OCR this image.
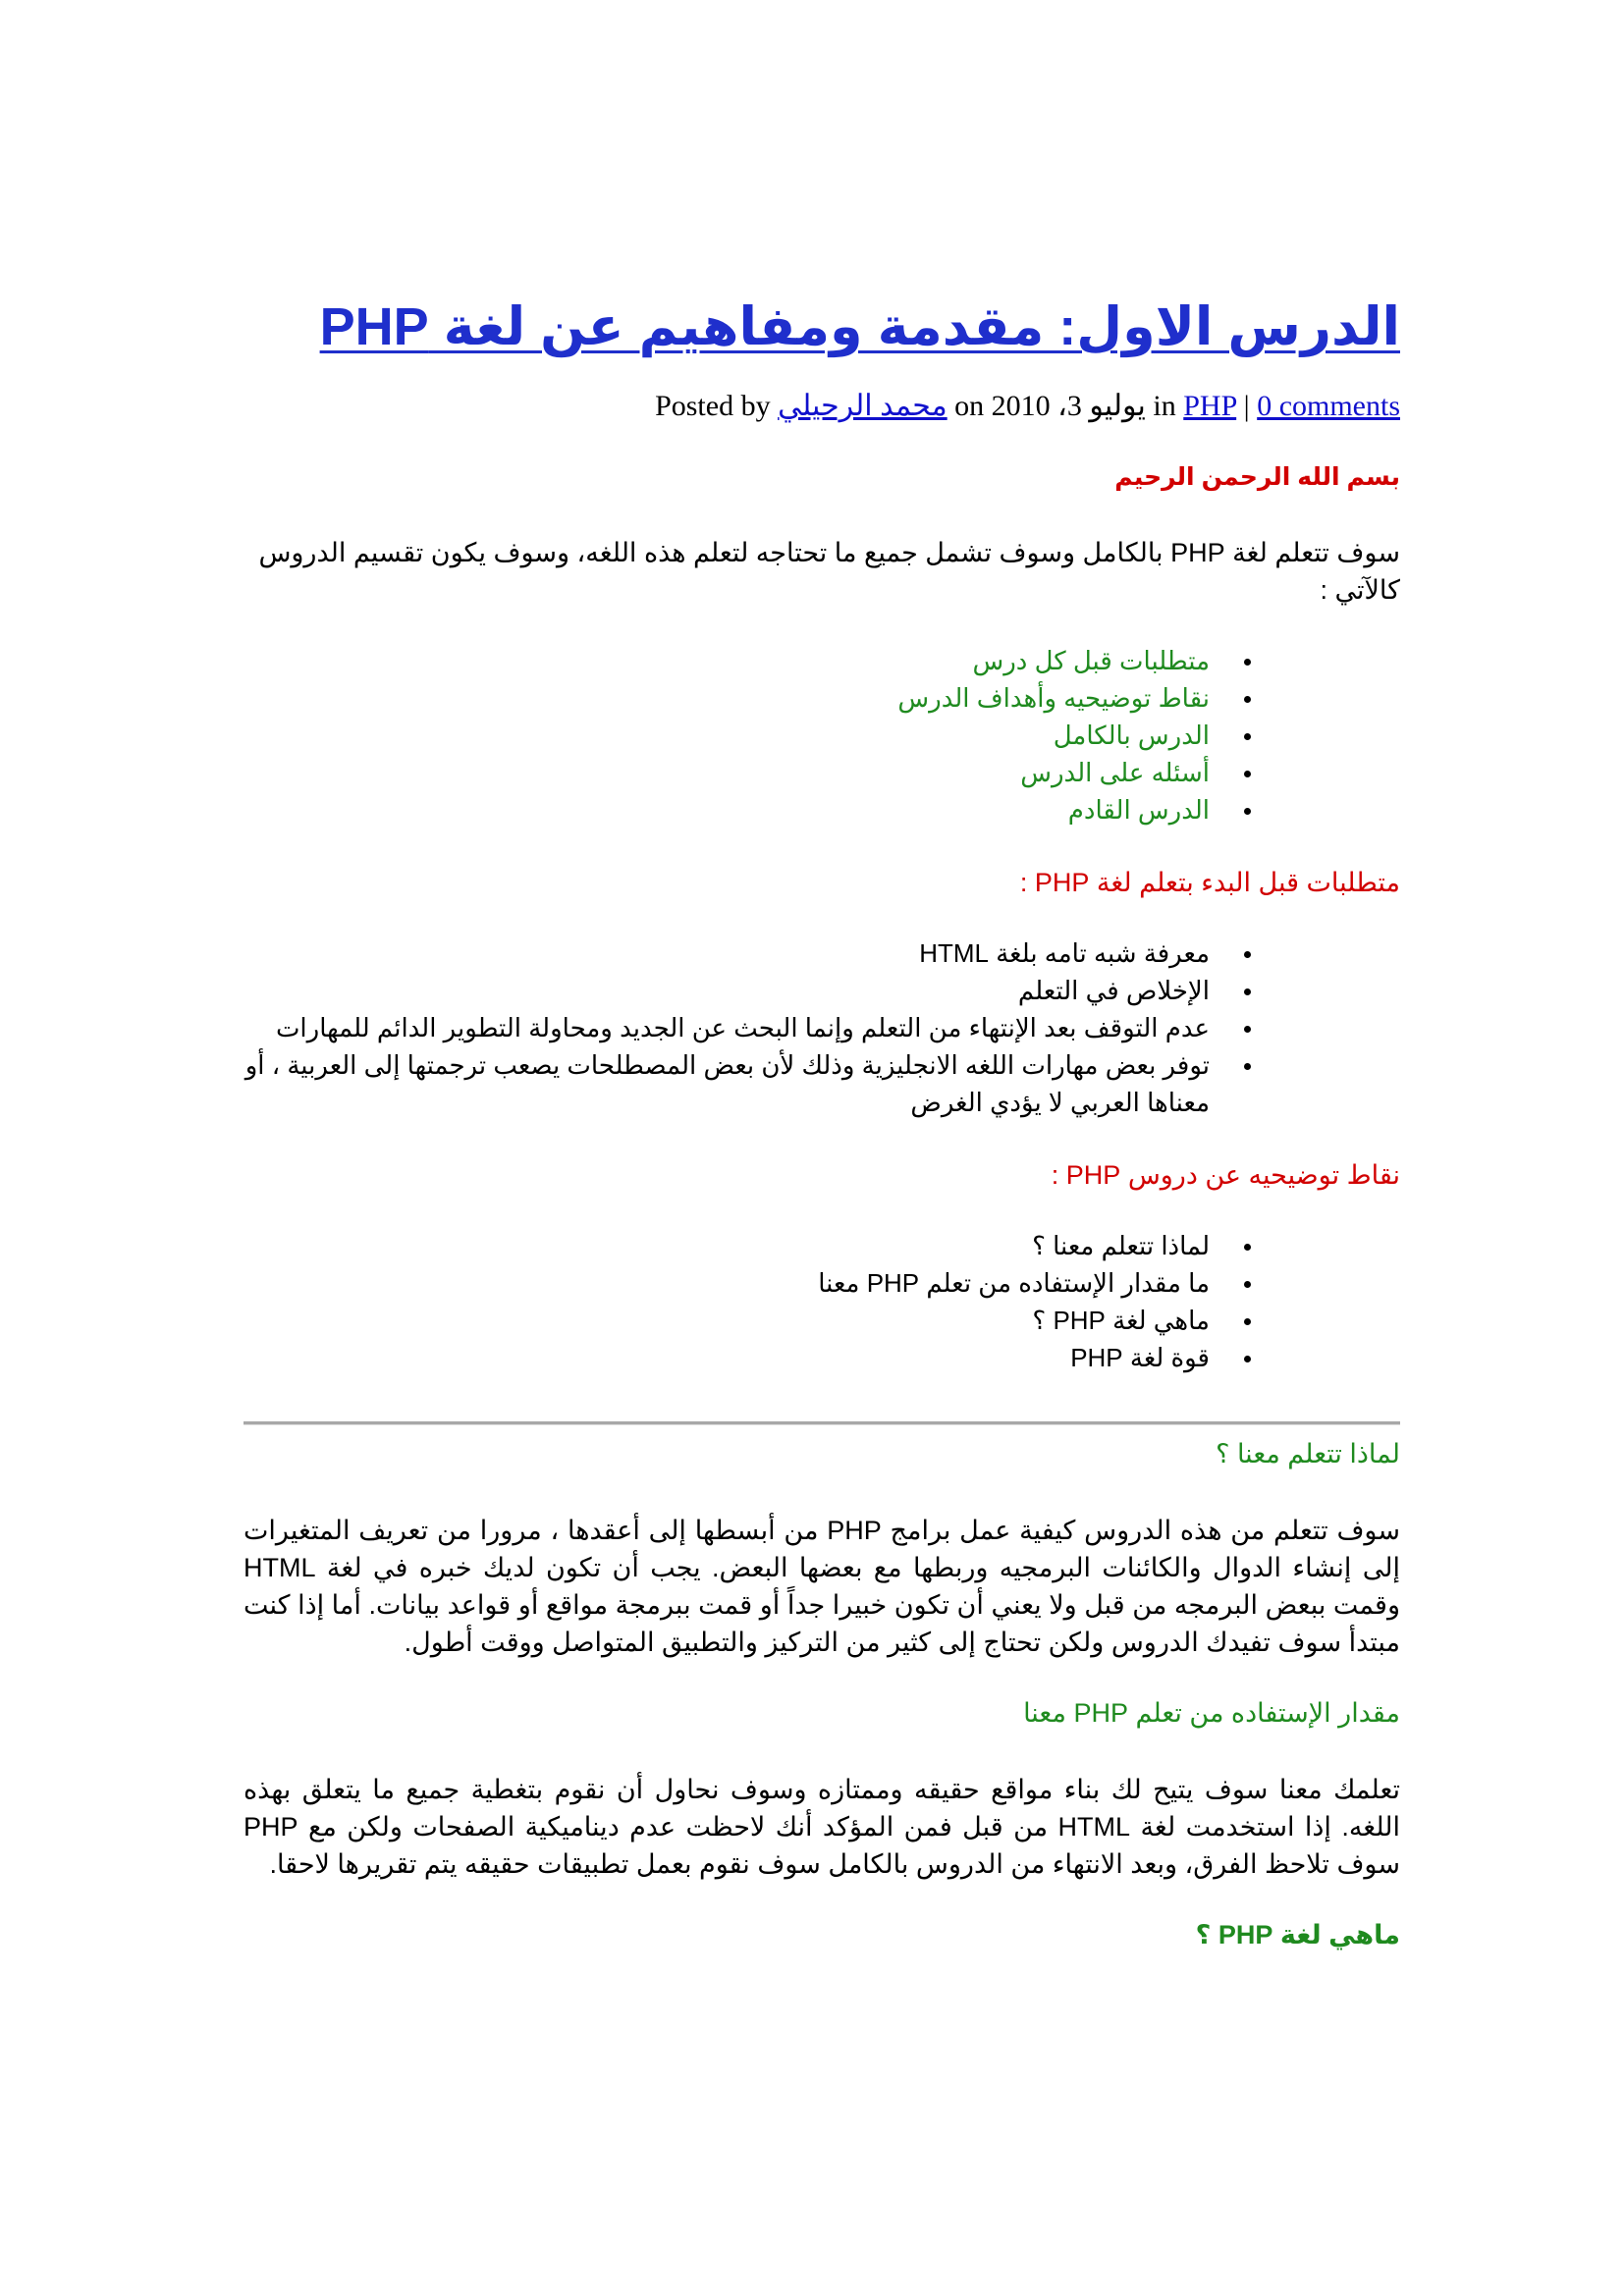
الدرس الاول: مقدمة ومفاهيم عن لغة PHP
Posted by محمد الرحيلي on يوليو 3، 2010 in PHP | 0 comments
بسم الله الرحمن الرحيم
سوف تتعلم لغة PHP بالكامل وسوف تشمل جميع ما تحتاجه لتعلم هذه اللغه، وسوف يكون تقسيم الدروس كالآتي :
متطلبات قبل كل درس
نقاط توضيحيه وأهداف الدرس
الدرس بالكامل
أسئله على الدرس
الدرس القادم
متطلبات قبل البدء بتعلم لغة PHP :
معرفة شبه تامه بلغة HTML
الإخلاص في التعلم
عدم التوقف بعد الإنتهاء من التعلم وإنما البحث عن الجديد ومحاولة التطوير الدائم للمهارات
توفر بعض مهارات اللغه الانجليزية وذلك لأن بعض المصطلحات يصعب ترجمتها إلى العربية ، أو معناها العربي لا يؤدي الغرض
نقاط توضيحيه عن دروس PHP :
لماذا تتعلم معنا ؟
ما مقدار الإستفاده من تعلم PHP معنا
ماهي لغة PHP ؟
قوة لغة PHP
لماذا تتعلم معنا ؟
سوف تتعلم من هذه الدروس كيفية عمل برامج PHP من أبسطها إلى أعقدها ، مرورا من تعريف المتغيرات إلى إنشاء الدوال والكائنات البرمجيه وربطها مع بعضها البعض. يجب أن تكون لديك خبره في لغة HTML وقمت ببعض البرمجه من قبل ولا يعني أن تكون خبيرا جداً أو قمت ببرمجة مواقع أو قواعد بيانات. أما إذا كنت مبتدأ سوف تفيدك الدروس ولكن تحتاج إلى كثير من التركيز والتطبيق المتواصل ووقت أطول.
مقدار الإستفاده من تعلم PHP معنا
تعلمك معنا سوف يتيح لك بناء مواقع حقيقه وممتازه وسوف نحاول أن نقوم بتغطية جميع ما يتعلق بهذه اللغه. إذا استخدمت لغة HTML من قبل فمن المؤكد أنك لاحظت عدم ديناميكية الصفحات ولكن مع PHP سوف تلاحظ الفرق، وبعد الانتهاء من الدروس بالكامل سوف نقوم بعمل تطبيقات حقيقه يتم تقريرها لاحقا.
ماهي لغة PHP ؟
